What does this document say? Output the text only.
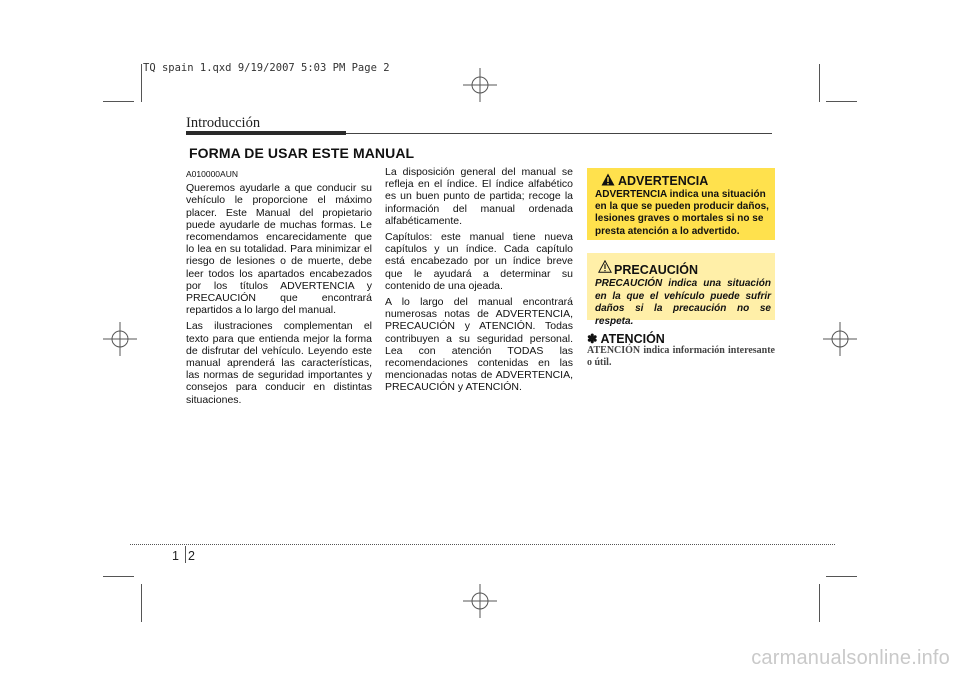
TQ spain 1.qxd 9/19/2007 5:03 PM Page 2
Introducción
FORMA DE USAR ESTE MANUAL

A010000AUN

Queremos ayudarle a que conducir su vehículo le proporcione el máximo placer. Este Manual del propietario puede ayudarle de muchas formas. Le recomendamos encarecidamente que lo lea en su totalidad. Para minimizar el riesgo de lesiones o de muerte, debe leer todos los apartados encabezados por los títulos ADVERTENCIA y PRECAUCIÓN que encontrará repartidos a lo largo del manual.

Las ilustraciones complementan el texto para que entienda mejor la forma de disfrutar del vehículo. Leyendo este manual aprenderá las características, las normas de seguridad importantes y consejos para conducir en distintas situaciones.

La disposición general del manual se refleja en el índice. El índice alfabético es un buen punto de partida; recoge la información del manual ordenada alfabéticamente.

Capítulos: este manual tiene nueva capítulos y un índice. Cada capítulo está encabezado por un índice breve que le ayudará a determinar su contenido de una ojeada.

A lo largo del manual encontrará numerosas notas de ADVERTENCIA, PRECAUCIÓN y ATENCIÓN. Todas contribuyen a su seguridad personal. Lea con atención TODAS las recomendaciones contenidas en las mencionadas notas de ADVERTENCIA, PRECAUCIÓN y ATENCIÓN.

ADVERTENCIA
ADVERTENCIA indica una situación en la que se pueden producir daños, lesiones graves o mortales si no se presta atención a lo advertido.
PRECAUCIÓN
PRECAUCIÓN indica una situación en la que el vehículo puede sufrir daños si la precaución no se respeta.
✽ ATENCIÓN
ATENCIÓN indica información interesante o útil.
1 2
carmanualsonline.info
